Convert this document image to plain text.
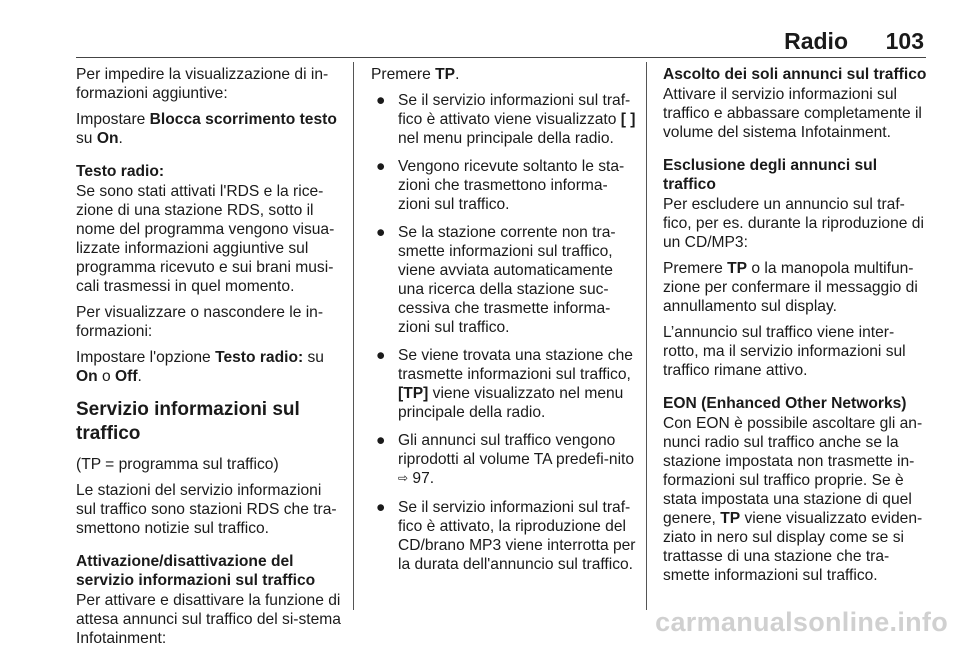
Radio 103

Per impedire la visualizzazione di in-formazioni aggiuntive:

Impostare Blocca scorrimento testo su On.

Testo radio:

Se sono stati attivati l'RDS e la rice-zione di una stazione RDS, sotto il nome del programma vengono visua-lizzate informazioni aggiuntive sul programma ricevuto e sui brani musi-cali trasmessi in quel momento.

Per visualizzare o nascondere le in-formazioni:

Impostare l'opzione Testo radio: su On o Off.

Servizio informazioni sul traffico

(TP = programma sul traffico)

Le stazioni del servizio informazioni sul traffico sono stazioni RDS che tra-smettono notizie sul traffico.

Attivazione/disattivazione del servizio informazioni sul traffico

Per attivare e disattivare la funzione di attesa annunci sul traffico del si-stema Infotainment:

Premere TP.

● Se il servizio informazioni sul traf-fico è attivato viene visualizzato [ ] nel menu principale della radio.
● Vengono ricevute soltanto le sta-zioni che trasmettono informa-zioni sul traffico.
● Se la stazione corrente non tra-smette informazioni sul traffico, viene avviata automaticamente una ricerca della stazione suc-cessiva che trasmette informa-zioni sul traffico.
● Se viene trovata una stazione che trasmette informazioni sul traffico, [TP] viene visualizzato nel menu principale della radio.
● Gli annunci sul traffico vengono riprodotti al volume TA predefi-nito ⇨ 97.
● Se il servizio informazioni sul traf-fico è attivato, la riproduzione del CD/brano MP3 viene interrotta per la durata dell'annuncio sul traffico.
Ascolto dei soli annunci sul traffico

Attivare il servizio informazioni sul traffico e abbassare completamente il volume del sistema Infotainment.

Esclusione degli annunci sul traffico

Per escludere un annuncio sul traf-fico, per es. durante la riproduzione di un CD/MP3:

Premere TP o la manopola multifun-zione per confermare il messaggio di annullamento sul display.

L’annuncio sul traffico viene inter-rotto, ma il servizio informazioni sul traffico rimane attivo.

EON (Enhanced Other Networks)

Con EON è possibile ascoltare gli an-nunci radio sul traffico anche se la stazione impostata non trasmette in-formazioni sul traffico proprie. Se è stata impostata una stazione di quel genere, TP viene visualizzato eviden-ziato in nero sul display come se si trattasse di una stazione che tra-smette informazioni sul traffico.

carmanualsonline.info
